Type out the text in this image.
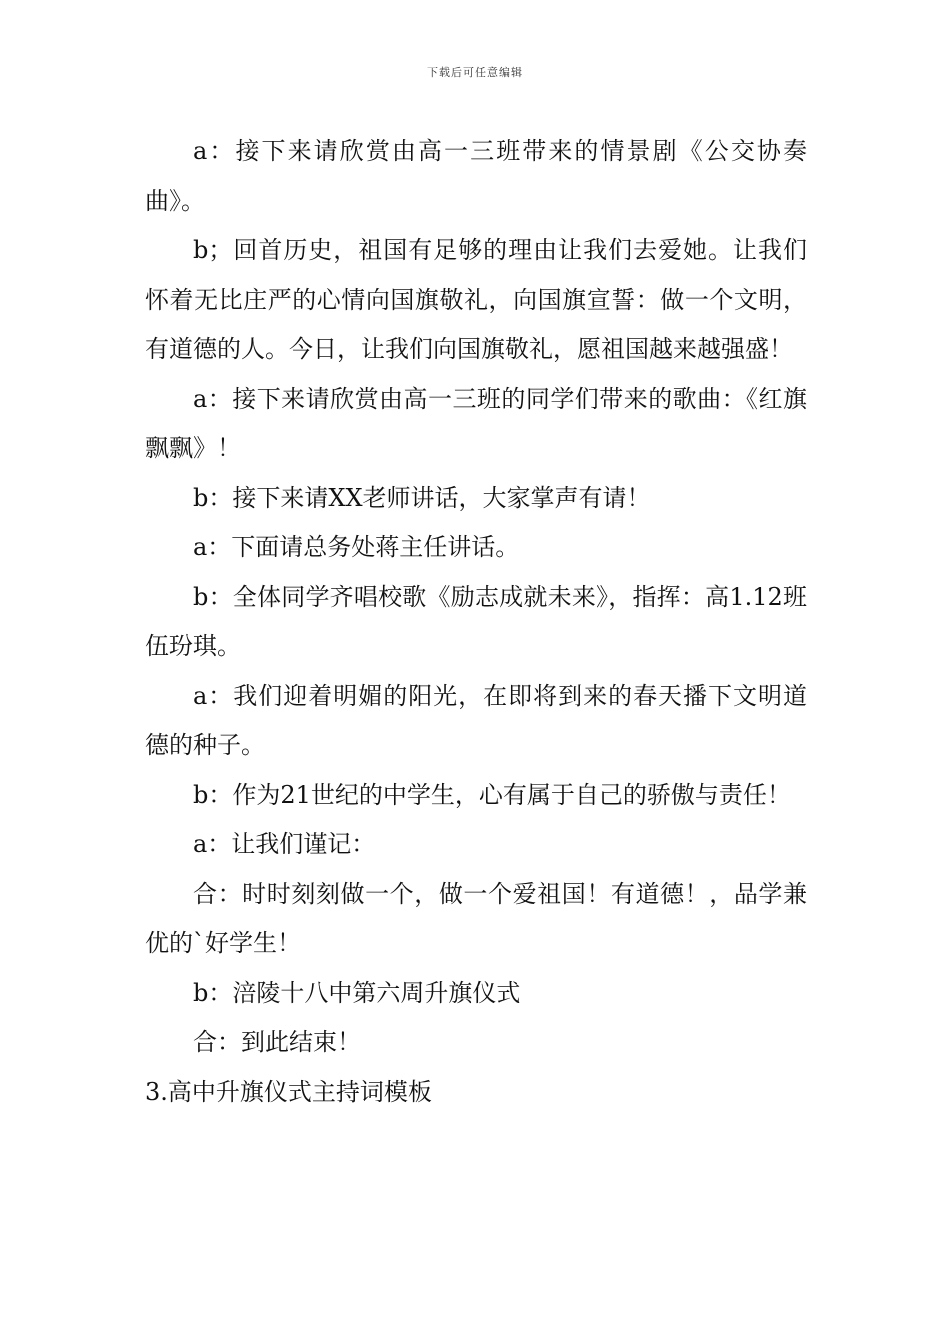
下载后可任意编辑

a：接下来请欣赏由高一三班带来的情景剧《公交协奏曲》。

b；回首历史，祖国有足够的理由让我们去爱她。让我们怀着无比庄严的心情向国旗敬礼，向国旗宣誓：做一个文明，有道德的人。今日，让我们向国旗敬礼，愿祖国越来越强盛！

a：接下来请欣赏由高一三班的同学们带来的歌曲：《红旗飘飘》！

b：接下来请XX老师讲话，大家掌声有请！

a：下面请总务处蒋主任讲话。

b：全体同学齐唱校歌《励志成就未来》，指挥：高1.12班伍玢琪。

a：我们迎着明媚的阳光，在即将到来的春天播下文明道德的种子。

b：作为21世纪的中学生，心有属于自己的骄傲与责任！

a：让我们谨记：

合：时时刻刻做一个，做一个爱祖国！有道德！，品学兼优的`好学生！

b：涪陵十八中第六周升旗仪式

合：到此结束！

3.高中升旗仪式主持词模板
